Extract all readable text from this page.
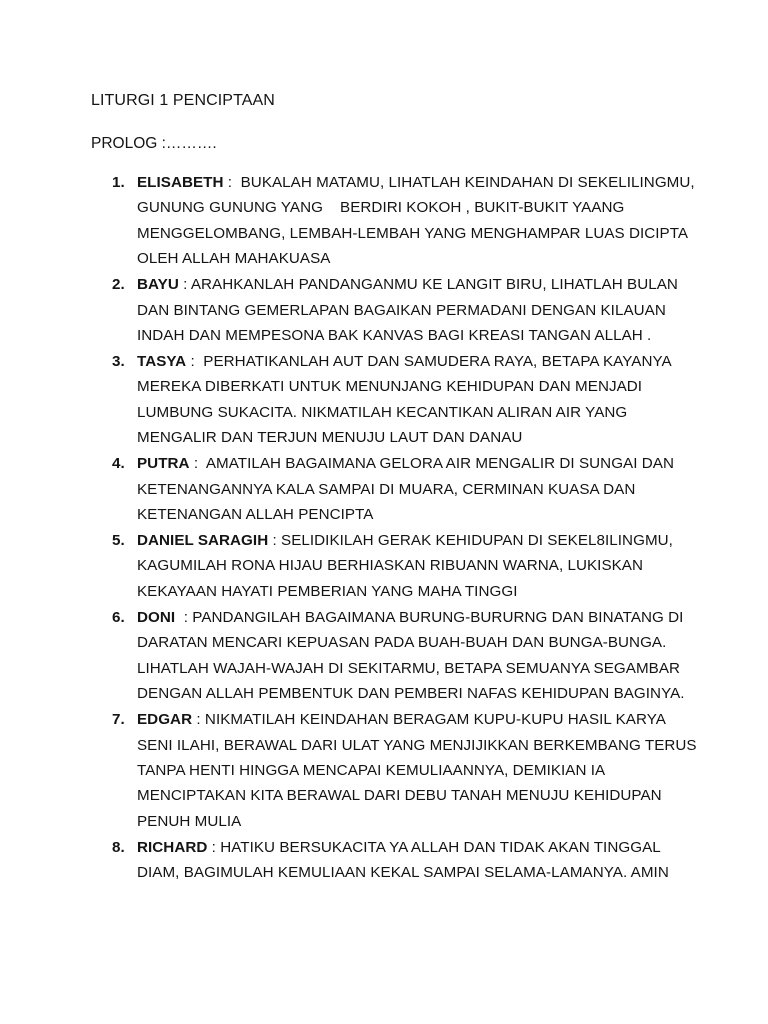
LITURGI 1 PENCIPTAAN

PROLOG :……….

1. ELISABETH :  BUKALAH MATAMU, LIHATLAH KEINDAHAN DI SEKELILINGMU,
GUNUNG GUNUNG YANG    BERDIRI KOKOH , BUKIT-BUKIT YAANG
MENGGELOMBANG, LEMBAH-LEMBAH YANG MENGHAMPAR LUAS DICIPTA
OLEH ALLAH MAHAKUASA
2. BAYU : ARAHKANLAH PANDANGANMU KE LANGIT BIRU, LIHATLAH BULAN
DAN BINTANG GEMERLAPAN BAGAIKAN PERMADANI DENGAN KILAUAN
INDAH DAN MEMPESONA BAK KANVAS BAGI KREASI TANGAN ALLAH .
3. TASYA :  PERHATIKANLAH AUT DAN SAMUDERA RAYA, BETAPA KAYANYA
MEREKA DIBERKATI UNTUK MENUNJANG KEHIDUPAN DAN MENJADI
LUMBUNG SUKACITA. NIKMATILAH KECANTIKAN ALIRAN AIR YANG
MENGALIR DAN TERJUN MENUJU LAUT DAN DANAU
4. PUTRA :  AMATILAH BAGAIMANA GELORA AIR MENGALIR DI SUNGAI DAN
KETENANGANNYA KALA SAMPAI DI MUARA, CERMINAN KUASA DAN
KETENANGAN ALLAH PENCIPTA
5. DANIEL SARAGIH : SELIDIKILAH GERAK KEHIDUPAN DI SEKEL8ILINGMU,
KAGUMILAH RONA HIJAU BERHIASKAN RIBUANN WARNA, LUKISKAN
KEKAYAAN HAYATI PEMBERIAN YANG MAHA TINGGI
6. DONI  : PANDANGILAH BAGAIMANA BURUNG-BURURNG DAN BINATANG DI
DARATAN MENCARI KEPUASAN PADA BUAH-BUAH DAN BUNGA-BUNGA.
LIHATLAH WAJAH-WAJAH DI SEKITARMU, BETAPA SEMUANYA SEGAMBAR
DENGAN ALLAH PEMBENTUK DAN PEMBERI NAFAS KEHIDUPAN BAGINYA.
7. EDGAR : NIKMATILAH KEINDAHAN BERAGAM KUPU-KUPU HASIL KARYA
SENI ILAHI, BERAWAL DARI ULAT YANG MENJIJIKKAN BERKEMBANG TERUS
TANPA HENTI HINGGA MENCAPAI KEMULIAANNYA, DEMIKIAN IA
MENCIPTAKAN KITA BERAWAL DARI DEBU TANAH MENUJU KEHIDUPAN
PENUH MULIA
8. RICHARD : HATIKU BERSUKACITA YA ALLAH DAN TIDAK AKAN TINGGAL
DIAM, BAGIMULAH KEMULIAAN KEKAL SAMPAI SELAMA-LAMANYA. AMIN
